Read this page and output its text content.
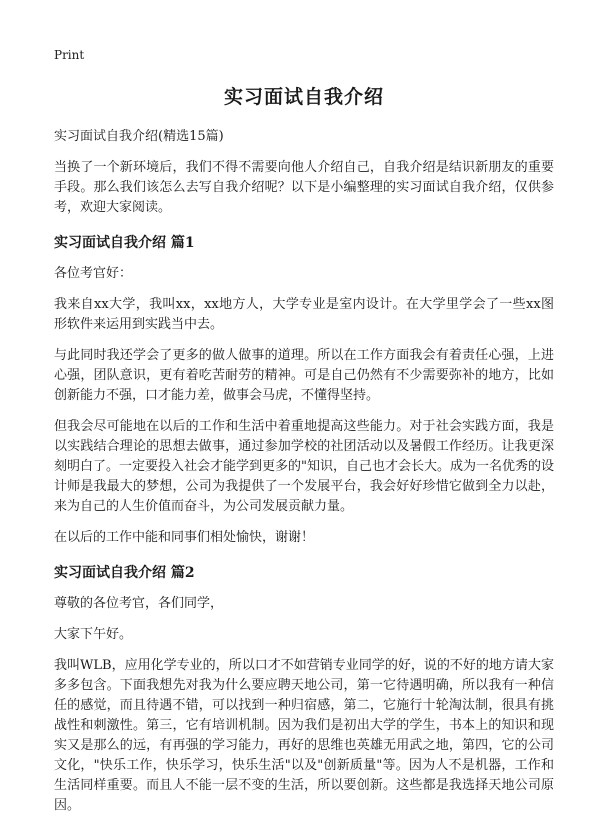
Print
实习面试自我介绍
实习面试自我介绍(精选15篇)

当换了一个新环境后，我们不得不需要向他人介绍自己，自我介绍是结识新朋友的重要手段。那么我们该怎么去写自我介绍呢？以下是小编整理的实习面试自我介绍，仅供参考，欢迎大家阅读。

实习面试自我介绍 篇1

各位考官好：

我来自xx大学，我叫xx，xx地方人，大学专业是室内设计。在大学里学会了一些xx图形软件来运用到实践当中去。

与此同时我还学会了更多的做人做事的道理。所以在工作方面我会有着责任心强，上进心强，团队意识，更有着吃苦耐劳的精神。可是自己仍然有不少需要弥补的地方，比如创新能力不强，口才能力差，做事会马虎，不懂得坚持。

但我会尽可能地在以后的工作和生活中着重地提高这些能力。对于社会实践方面，我是以实践结合理论的思想去做事，通过参加学校的社团活动以及暑假工作经历。让我更深刻明白了。一定要投入社会才能学到更多的"知识，自己也才会长大。成为一名优秀的设计师是我最大的梦想，公司为我提供了一个发展平台，我会好好珍惜它做到全力以赴，来为自己的人生价值而奋斗，为公司发展贡献力量。

在以后的工作中能和同事们相处愉快，谢谢！

实习面试自我介绍 篇2

尊敬的各位考官，各们同学，

大家下午好。

我叫WLB，应用化学专业的，所以口才不如营销专业同学的好，说的不好的地方请大家多多包含。下面我想先对我为什么要应聘天地公司，第一它待遇明确，所以我有一种信任的感觉，而且待遇不错，可以找到一种归宿感，第二，它施行十轮淘汰制，很具有挑战性和刺激性。第三，它有培训机制。因为我们是初出大学的学生，书本上的知识和现实又是那么的远，有再强的学习能力，再好的思维也英雄无用武之地，第四，它的公司文化，"快乐工作，快乐学习，快乐生活"以及"创新质量"等。因为人不是机器，工作和生活同样重要。而且人不能一层不变的生活，所以要创新。这些都是我选择天地公司原因。
